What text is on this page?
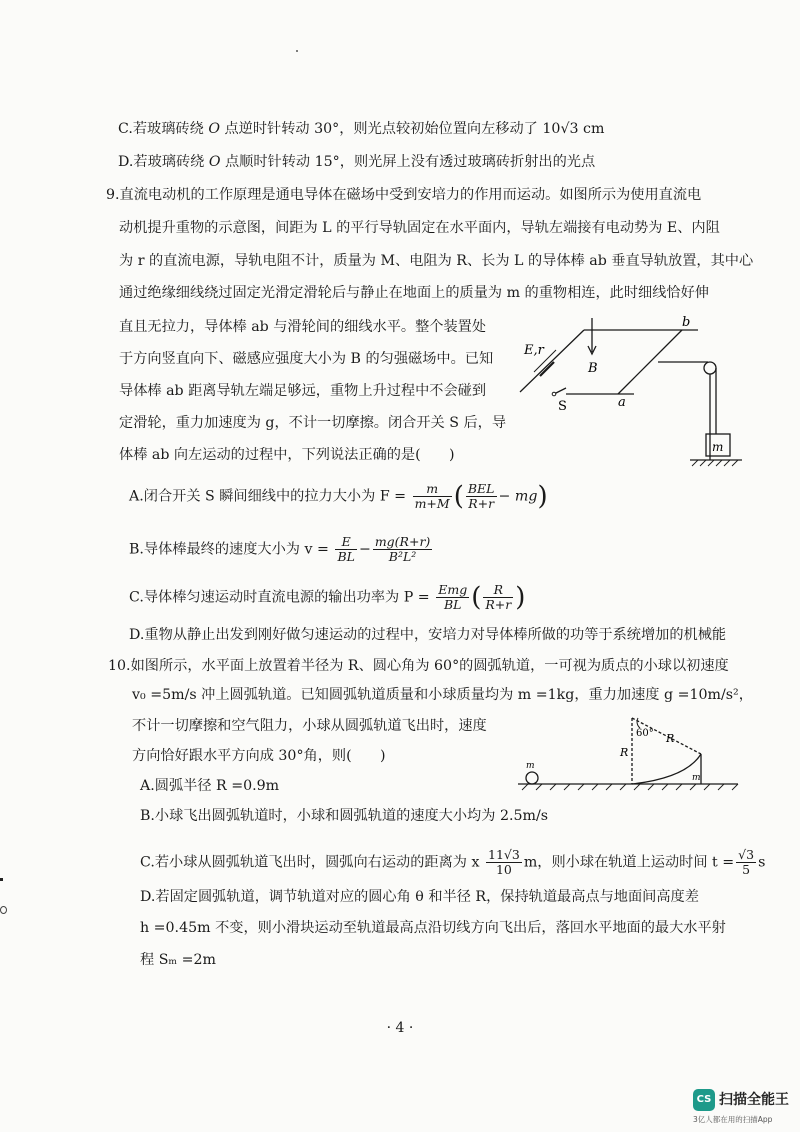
C.若玻璃砖绕 O 点逆时针转动 30°，则光点较初始位置向左移动了 10√3 cm
D.若玻璃砖绕 O 点顺时针转动 15°，则光屏上没有透过玻璃砖折射出的光点
9.直流电动机的工作原理是通电导体在磁场中受到安培力的作用而运动。如图所示为使用直流电
动机提升重物的示意图，间距为 L 的平行导轨固定在水平面内，导轨左端接有电动势为 E、内阻
为 r 的直流电源，导轨电阻不计，质量为 M、电阻为 R、长为 L 的导体棒 ab 垂直导轨放置，其中心
通过绝缘细线绕过固定光滑定滑轮后与静止在地面上的质量为 m 的重物相连，此时细线恰好伸
直且无拉力，导体棒 ab 与滑轮间的细线水平。整个装置处
于方向竖直向下、磁感应强度大小为 B 的匀强磁场中。已知
导体棒 ab 距离导轨左端足够远，重物上升过程中不会碰到
定滑轮，重力加速度为 g，不计一切摩擦。闭合开关 S 后，导
体棒 ab 向左运动的过程中，下列说法正确的是(　　)
b
a
E,r
B
S
m
A.闭合开关 S 瞬间细线中的拉力大小为 $F = \frac{m}{m+M}$ ( $\frac{\text{BEL}}{R+r} - mg$)
B.导体棒最终的速度大小为 $v = \frac{E}{BL} - \frac{mg(R+r)}{\text{B²L²}}$
C.导体棒匀速运动时直流电源的输出功率为 $P = \frac{\text{Emg}}{BL}$ ( $\frac{R}{R+r}$ )
D.重物从静止出发到刚好做匀速运动的过程中，安培力对导体棒所做的功等于系统增加的机械能
10.如图所示，水平面上放置着半径为 R、圆心角为 60°的圆弧轨道，一可视为质点的小球以初速度
v₀ =5m/s 冲上圆弧轨道。已知圆弧轨道质量和小球质量均为 m =1kg，重力加速度 g =10m/s²，
不计一切摩擦和空气阻力，小球从圆弧轨道飞出时，速度
方向恰好跟水平方向成 30°角，则(　　)
60°
R
R
m
m
A.圆弧半径 R =0.9m
B.小球飞出圆弧轨道时，小球和圆弧轨道的速度大小均为 2.5m/s
C.若小球从圆弧轨道飞出时，圆弧向右运动的距离为 x $\frac{11√3}{10}$ m，则小球在轨道上运动时间 $t = \frac{√3}{5}$ s
D.若固定圆弧轨道，调节轨道对应的圆心角 θ 和半径 R，保持轨道最高点与地面间高度差
h =0.45m 不变，则小滑块运动至轨道最高点沿切线方向飞出后，落回水平地面的最大水平射
程 Sₘ =2m
· 4 ·
CS 扫描全能王
3亿人都在用的扫描App
